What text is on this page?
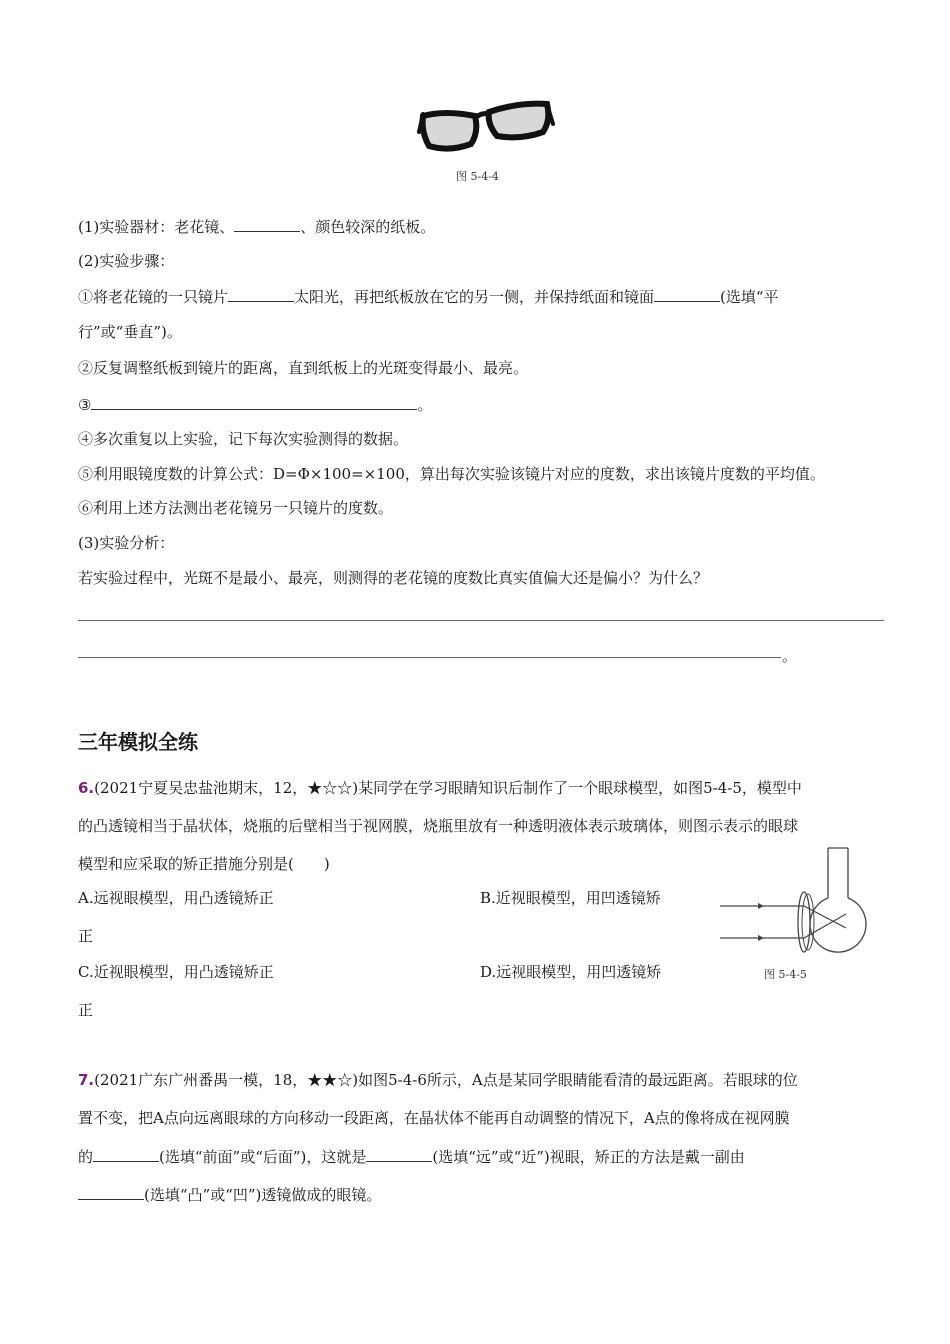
图 5-4-4
(1)实验器材：老花镜、	、颜色较深的纸板。
(2)实验步骤：
①将老花镜的一只镜片	太阳光，再把纸板放在它的另一侧，并保持纸面和镜面	(选填“平
行”或“垂直”)。
②反复调整纸板到镜片的距离，直到纸板上的光斑变得最小、最亮。
③	。
④多次重复以上实验，记下每次实验测得的数据。
⑤利用眼镜度数的计算公式：D=Φ×100=×100，算出每次实验该镜片对应的度数，求出该镜片度数的平均值。
⑥利用上述方法测出老花镜另一只镜片的度数。
(3)实验分析：
若实验过程中，光斑不是最小、最亮，则测得的老花镜的度数比真实值偏大还是偏小？为什么？
。
三年模拟全练
6.(2021宁夏吴忠盐池期末，12，★☆☆)某同学在学习眼睛知识后制作了一个眼球模型，如图5-4-5，模型中
的凸透镜相当于晶状体，烧瓶的后壁相当于视网膜，烧瓶里放有一种透明液体表示玻璃体，则图示表示的眼球
模型和应采取的矫正措施分别是(　　)
A.远视眼模型，用凸透镜矫正	B.近视眼模型，用凹透镜矫
正
C.近视眼模型，用凸透镜矫正	D.远视眼模型，用凹透镜矫
正
图 5-4-5
7.(2021广东广州番禺一模，18，★★☆)如图5-4-6所示，A点是某同学眼睛能看清的最远距离。若眼球的位
置不变，把A点向远离眼球的方向移动一段距离，在晶状体不能再自动调整的情况下，A点的像将成在视网膜
的	(选填“前面”或“后面”)，这就是	(选填“远”或“近”)视眼，矫正的方法是戴一副由
(选填“凸”或“凹”)透镜做成的眼镜。
